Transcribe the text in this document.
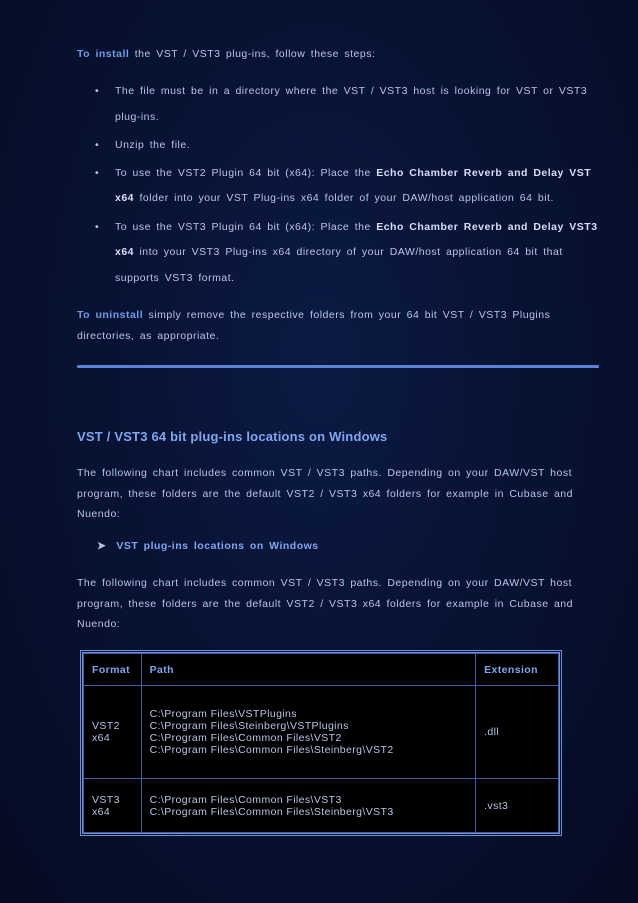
To install the VST / VST3 plug-ins, follow these steps:
• The file must be in a directory where the VST / VST3 host is looking for VST or VST3 plug-ins.
• Unzip the file.
• To use the VST2 Plugin 64 bit (x64): Place the Echo Chamber Reverb and Delay VST x64 folder into your VST Plug-ins x64 folder of your DAW/host application 64 bit.
• To use the VST3 Plugin 64 bit (x64): Place the Echo Chamber Reverb and Delay VST3 x64 into your VST3 Plug-ins x64 directory of your DAW/host application 64 bit that supports VST3 format.
To uninstall simply remove the respective folders from your 64 bit VST / VST3 Plugins directories, as appropriate.
VST / VST3 64 bit plug-ins locations on Windows
The following chart includes common VST / VST3 paths. Depending on your DAW/VST host program, these folders are the default VST2 / VST3 x64 folders for example in Cubase and Nuendo:
➤ VST plug-ins locations on Windows
The following chart includes common VST / VST3 paths. Depending on your DAW/VST host program, these folders are the default VST2 / VST3 x64 folders for example in Cubase and Nuendo:
Format	Path	Extension

VST2
x64	C:\Program Files\VSTPlugins
C:\Program Files\Steinberg\VSTPlugins
C:\Program Files\Common Files\VST2
C:\Program Files\Common Files\Steinberg\VST2	.dll

VST3
x64	C:\Program Files\Common Files\VST3
C:\Program Files\Common Files\Steinberg\VST3	.vst3
